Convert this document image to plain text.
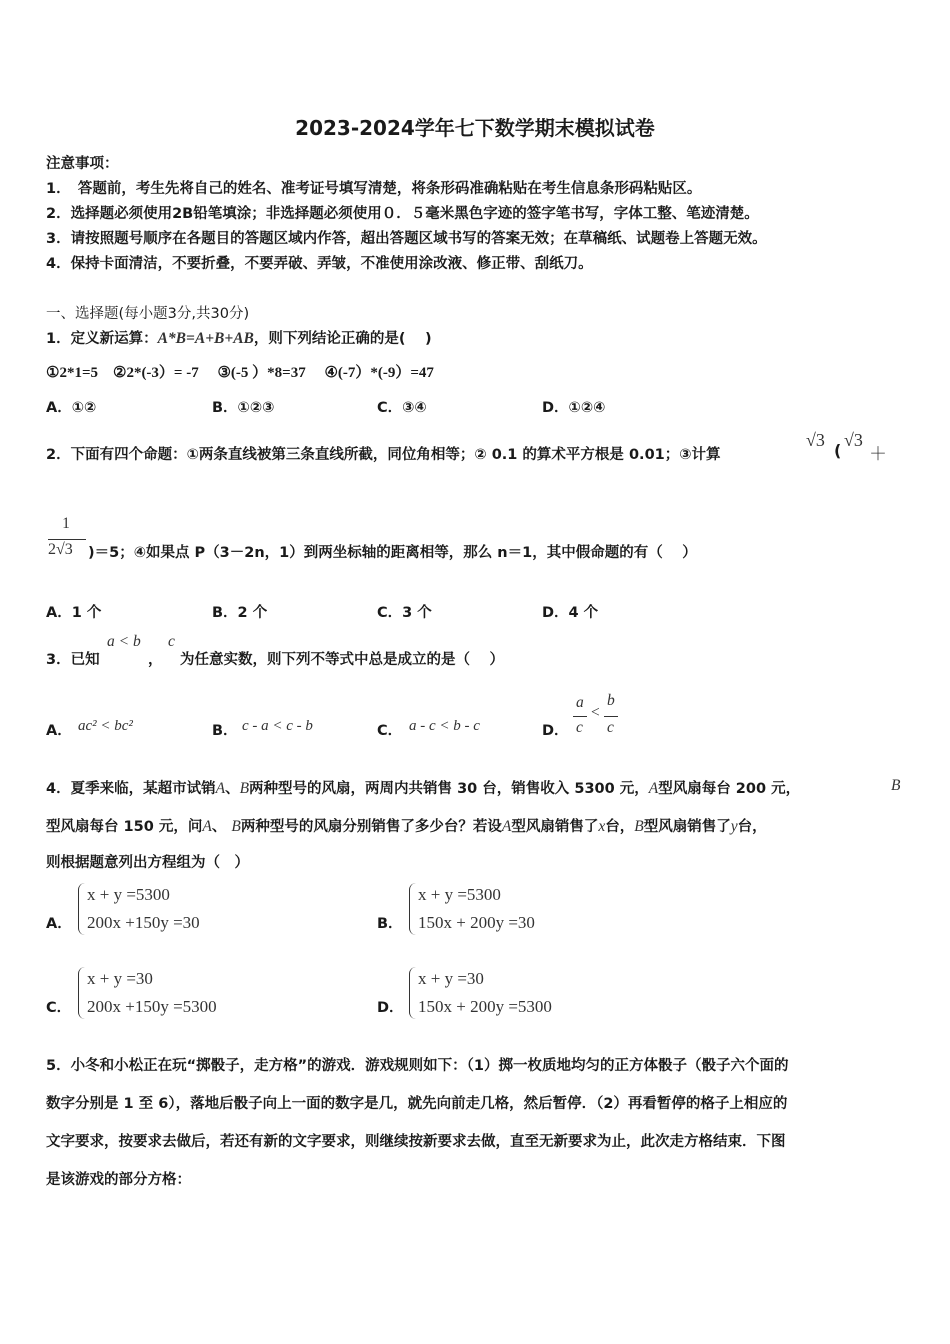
2023-2024学年七下数学期末模拟试卷
注意事项：
1．　答题前，考生先将自己的姓名、准考证号填写清楚，将条形码准确粘贴在考生信息条形码粘贴区。
2．选择题必须使用2B铅笔填涂；非选择题必须使用０．５毫米黑色字迹的签字笔书写，字体工整、笔迹清楚。
3．请按照题号顺序在各题目的答题区域内作答，超出答题区域书写的答案无效；在草稿纸、试题卷上答题无效。
4．保持卡面清洁，不要折叠，不要弄破、弄皱，不准使用涂改液、修正带、刮纸刀。
一、选择题(每小题3分,共30分)
1．定义新运算：A*B=A+B+AB，则下列结论正确的是(　 )
①2*1=5　②2*(-3）= -7　 ③(-5 ）*8=37　 ④(-7）*(-9）=47
A．①②	B．①②③	C．③④	D．①②④
2．下面有四个命题：①两条直线被第三条直线所截，同位角相等；② 0.1 的算术平方根是 0.01；③计算
√3
(
√3
＋
1
2√3 )＝5；④如果点 P（3－2n，1）到两坐标轴的距离相等，那么 n＝1，其中假命题的有（　 ）
A．1 个	B．2 个	C．3 个	D．4 个
3．已知
a < b
，
c
为任意实数，则下列不等式中总是成立的是（　 ）
A． ac² < bc²	B． c - a < c - b	C． a - c < b - c	D．
a
c
<
b
c
4．夏季来临，某超市试销A、B两种型号的风扇，两周内共销售 30 台，销售收入 5300 元，A型风扇每台 200 元，	B
型风扇每台 150 元，问A、 B两种型号的风扇分别销售了多少台？若设A型风扇销售了x台，B型风扇销售了y台，
则根据题意列出方程组为（　）
A．
x + y =5300
200x +150y =30	B．
x + y =5300
150x + 200y =30
C．
x + y =30
200x +150y =5300	D．
x + y =30
150x + 200y =5300
5．小冬和小松正在玩“掷骰子，走方格”的游戏．游戏规则如下：（1）掷一枚质地均匀的正方体骰子（骰子六个面的
数字分别是 1 至 6），落地后骰子向上一面的数字是几，就先向前走几格，然后暂停．（2）再看暂停的格子上相应的
文字要求，按要求去做后，若还有新的文字要求，则继续按新要求去做，直至无新要求为止，此次走方格结束．下图
是该游戏的部分方格：
